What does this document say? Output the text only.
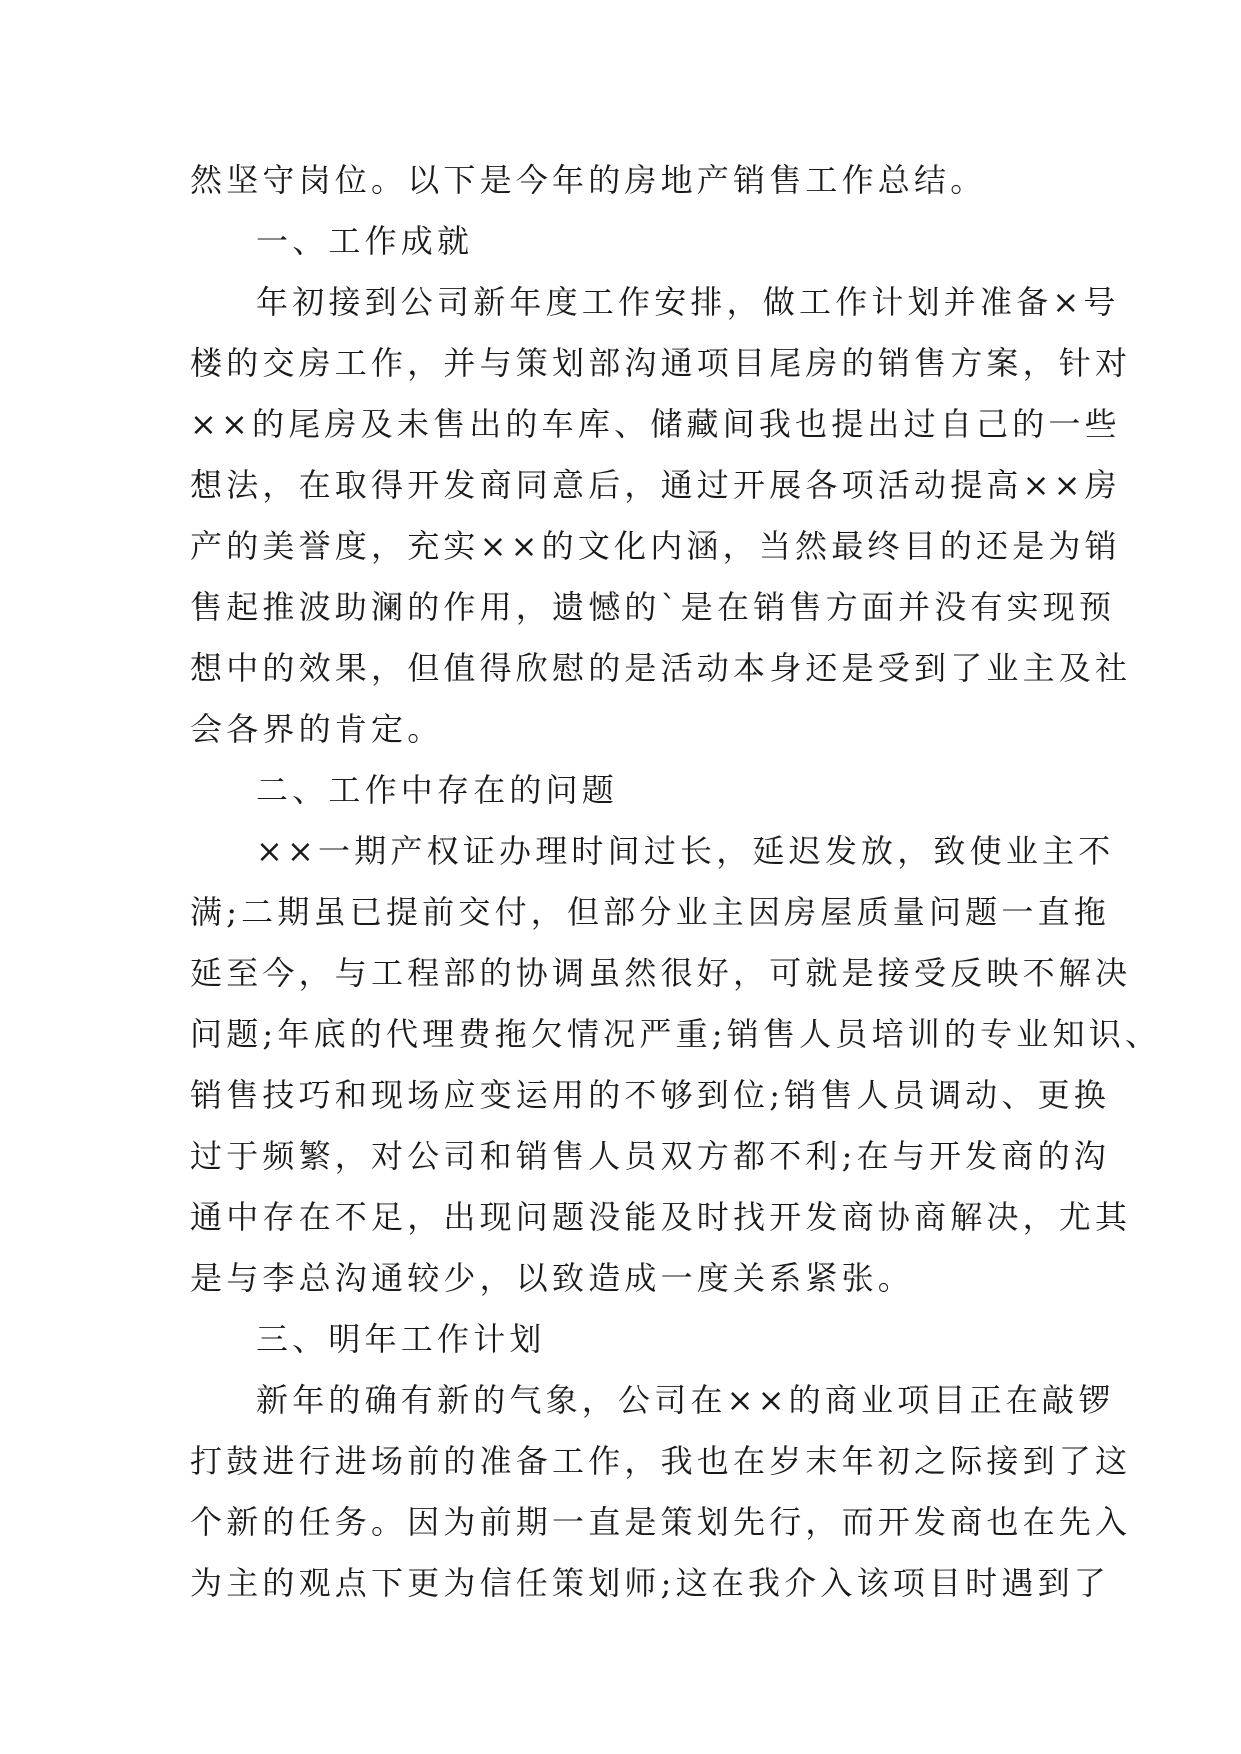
然坚守岗位。以下是今年的房地产销售工作总结。
一、工作成就
年初接到公司新年度工作安排，做工作计划并准备×号
楼的交房工作，并与策划部沟通项目尾房的销售方案，针对
××的尾房及未售出的车库、储藏间我也提出过自己的一些
想法，在取得开发商同意后，通过开展各项活动提高××房
产的美誉度，充实××的文化内涵，当然最终目的还是为销
售起推波助澜的作用，遗憾的`是在销售方面并没有实现预
想中的效果，但值得欣慰的是活动本身还是受到了业主及社
会各界的肯定。
二、工作中存在的问题
××一期产权证办理时间过长，延迟发放，致使业主不
满;二期虽已提前交付，但部分业主因房屋质量问题一直拖
延至今，与工程部的协调虽然很好，可就是接受反映不解决
问题;年底的代理费拖欠情况严重;销售人员培训的专业知识、
销售技巧和现场应变运用的不够到位;销售人员调动、更换
过于频繁，对公司和销售人员双方都不利;在与开发商的沟
通中存在不足，出现问题没能及时找开发商协商解决，尤其
是与李总沟通较少，以致造成一度关系紧张。
三、明年工作计划
新年的确有新的气象，公司在××的商业项目正在敲锣
打鼓进行进场前的准备工作，我也在岁末年初之际接到了这
个新的任务。因为前期一直是策划先行，而开发商也在先入
为主的观点下更为信任策划师;这在我介入该项目时遇到了
